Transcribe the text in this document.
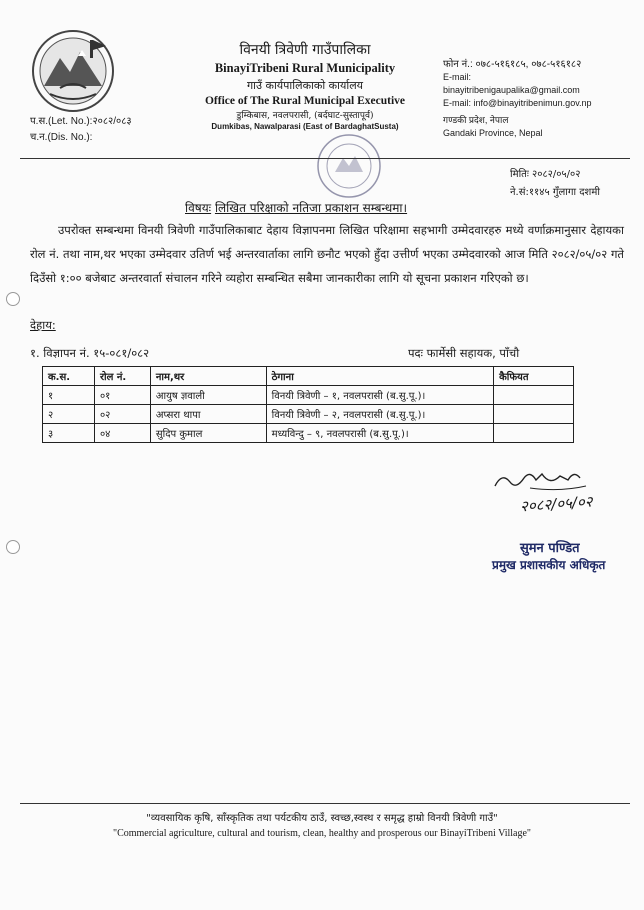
विनयी त्रिवेणी गाउँपालिका

BinayiTribeni Rural Municipality

गाउँ कार्यपालिकाको कार्यालय

Office of The Rural Municipal Executive

डुम्किबास, नवलपरासी, (बर्दघाट-सुस्तापूर्व)

Dumkibas, Nawalparasi (East of BardaghatSusta)

फोन नं.: ०७८-५१६१८५, ०७८-५१६१८२
E-mail:
binayitribenigaupalika@gmail.com
E-mail: info@binayitribenimun.gov.np
गण्डकी प्रदेश, नेपाल
Gandaki Province, Nepal
प.स.(Let. No.):२०८२/०८३
च.न.(Dis. No.):
मितिः २०८२/०५/०२
ने.सं:११४५ गुँलागा दशमी
विषयः लिखित परिक्षाको नतिजा प्रकाशन सम्बन्धमा।

उपरोक्त सम्बन्धमा विनयी त्रिवेणी गाउँपालिकाबाट देहाय विज्ञापनमा लिखित परिक्षामा सहभागी उम्मेदवारहरु मध्ये वर्णाक्रमानुसार देहायका रोल नं. तथा नाम,थर भएका उम्मेदवार उतिर्ण भई अन्तरवार्ताका लागि छनौट भएको हुँदा उत्तीर्ण भएका उम्मेदवारको आज मिति २०८२/०५/०२ गते दिउँसो १:०० बजेबाट अन्तरवार्ता संचालन गरिने व्यहोरा सम्बन्धित सबैमा जानकारीका लागि यो सूचना प्रकाशन गरिएको छ।

देहाय:
१. विज्ञापन नं. १५-०८१/०८२	पदः फार्मेसी सहायक, पाँचौ
क.स.	रोल नं.	नाम,थर	ठेगाना	कैफियत
१	०१	आयुष ज्ञवाली	विनयी त्रिवेणी – १, नवलपरासी (ब.सु.पू.)।	
२	०२	अप्सरा थापा	विनयी त्रिवेणी – २, नवलपरासी (ब.सु.पू.)।	
३	०४	सुदिप कुमाल	मध्यविन्दु – ९, नवलपरासी (ब.सु.पू.)।	
२०८२/०५/०२
सुमन पण्डित
प्रमुख प्रशासकीय अधिकृत
"व्यवसायिक कृषि, साँस्कृतिक तथा पर्यटकीय ठाउँ, स्वच्छ,स्वस्थ र समृद्ध हाम्रो विनयी त्रिवेणी गाउँ"
"Commercial agriculture, cultural and tourism, clean, healthy and prosperous our BinayiTribeni Village"
